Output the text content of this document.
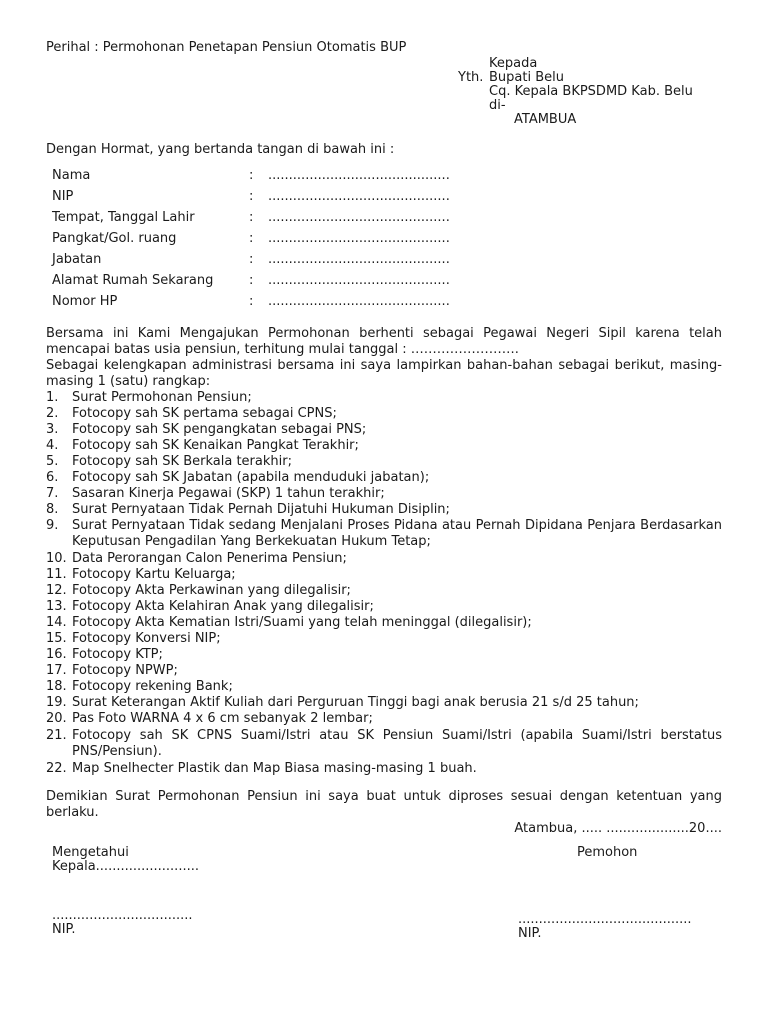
Perihal : Permohonan Penetapan Pensiun Otomatis BUP
Kepada
Yth. Bupati Belu
Cq. Kepala BKPSDMD Kab. Belu
di-
ATAMBUA
Dengan Hormat, yang bertanda tangan di bawah ini :
Nama	: ............................................
NIP	: ............................................
Tempat, Tanggal Lahir	: ............................................
Pangkat/Gol. ruang	: ............................................
Jabatan	: ............................................
Alamat Rumah Sekarang	: ............................................
Nomor HP	: ............................................
Bersama ini Kami Mengajukan Permohonan berhenti sebagai Pegawai Negeri Sipil karena telah mencapai batas usia pensiun, terhitung mulai tanggal : …………………….
Sebagai kelengkapan administrasi bersama ini saya lampirkan bahan-bahan sebagai berikut, masing-masing 1 (satu) rangkap:
1.	Surat Permohonan Pensiun;
2.	Fotocopy sah SK pertama sebagai CPNS;
3.	Fotocopy sah SK pengangkatan sebagai PNS;
4.	Fotocopy sah SK Kenaikan Pangkat Terakhir;
5.	Fotocopy sah SK Berkala terakhir;
6.	Fotocopy sah SK Jabatan (apabila menduduki jabatan);
7.	Sasaran Kinerja Pegawai (SKP) 1 tahun terakhir;
8.	Surat Pernyataan Tidak Pernah Dijatuhi Hukuman Disiplin;
9.	Surat Pernyataan Tidak sedang Menjalani Proses Pidana atau Pernah Dipidana Penjara Berdasarkan Keputusan Pengadilan Yang Berkekuatan Hukum Tetap;
10. Data Perorangan Calon Penerima Pensiun;
11. Fotocopy Kartu Keluarga;
12. Fotocopy Akta Perkawinan yang dilegalisir;
13. Fotocopy Akta Kelahiran Anak yang dilegalisir;
14. Fotocopy Akta Kematian Istri/Suami yang telah meninggal (dilegalisir);
15. Fotocopy Konversi NIP;
16. Fotocopy KTP;
17. Fotocopy NPWP;
18. Fotocopy rekening Bank;
19. Surat Keterangan Aktif Kuliah dari Perguruan Tinggi bagi anak berusia 21 s/d 25 tahun;
20. Pas Foto WARNA 4 x 6 cm sebanyak 2 lembar;
21. Fotocopy sah SK CPNS Suami/Istri atau SK Pensiun Suami/Istri (apabila Suami/Istri berstatus PNS/Pensiun).
22. Map Snelhecter Plastik dan Map Biasa masing-masing 1 buah.
Demikian Surat Permohonan Pensiun ini saya buat untuk diproses sesuai dengan ketentuan yang berlaku.
Atambua, ..... ....................20....
Mengetahui
Kepala.........................
Pemohon
..................................
NIP.
..........................................
NIP.
